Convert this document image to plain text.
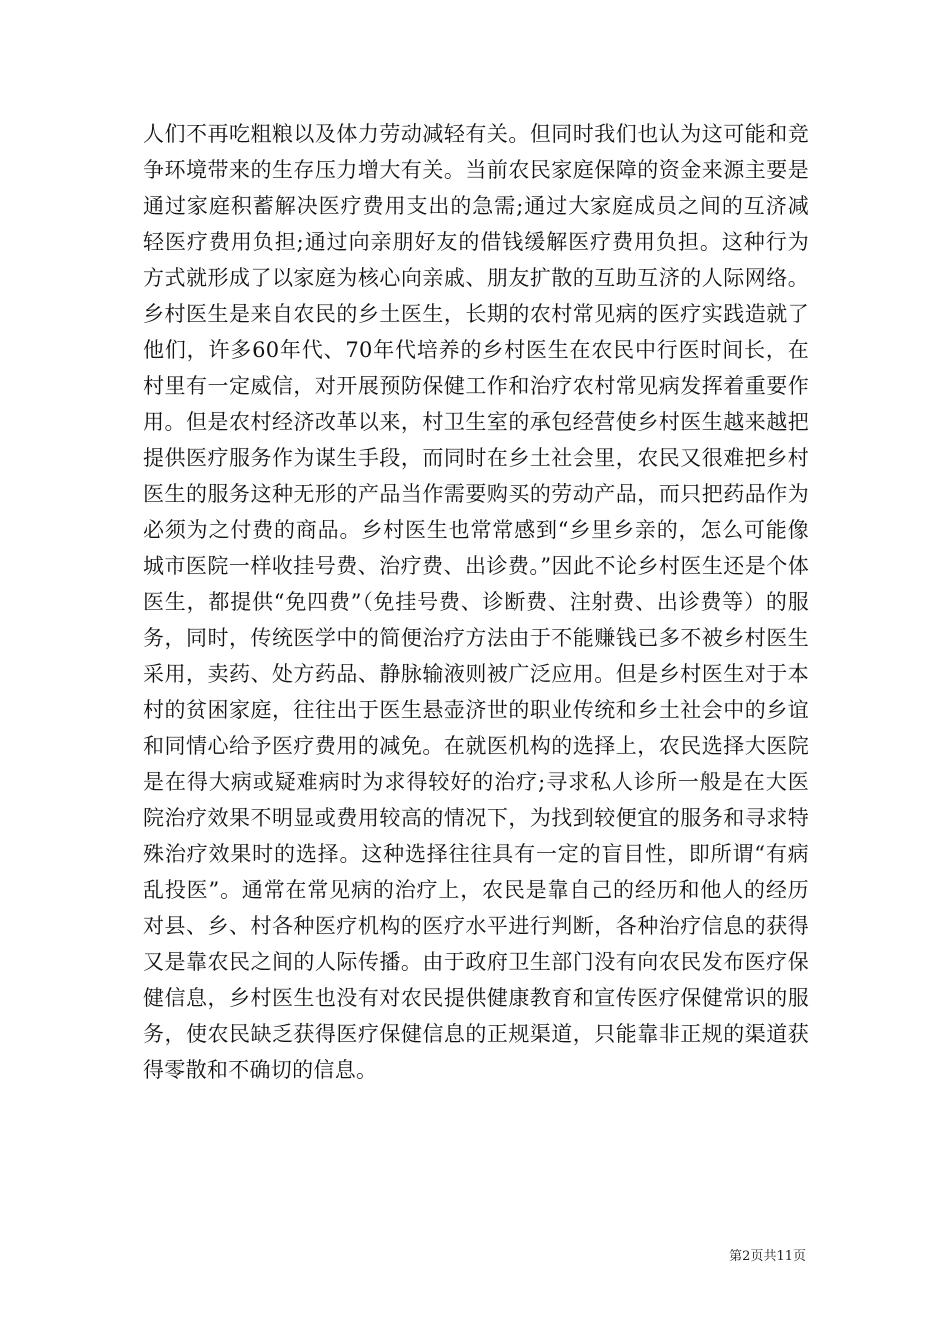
人们不再吃粗粮以及体力劳动减轻有关。但同时我们也认为这可能和竞争环境带来的生存压力增大有关。当前农民家庭保障的资金来源主要是通过家庭积蓄解决医疗费用支出的急需;通过大家庭成员之间的互济减轻医疗费用负担;通过向亲朋好友的借钱缓解医疗费用负担。这种行为方式就形成了以家庭为核心向亲戚、朋友扩散的互助互济的人际网络。乡村医生是来自农民的乡土医生，长期的农村常见病的医疗实践造就了他们，许多60年代、70年代培养的乡村医生在农民中行医时间长，在村里有一定威信，对开展预防保健工作和治疗农村常见病发挥着重要作用。但是农村经济改革以来，村卫生室的承包经营使乡村医生越来越把提供医疗服务作为谋生手段，而同时在乡土社会里，农民又很难把乡村医生的服务这种无形的产品当作需要购买的劳动产品，而只把药品作为必须为之付费的商品。乡村医生也常常感到“乡里乡亲的，怎么可能像城市医院一样收挂号费、治疗费、出诊费。”因此不论乡村医生还是个体医生，都提供“免四费”（免挂号费、诊断费、注射费、出诊费等）的服务，同时，传统医学中的简便治疗方法由于不能赚钱已多不被乡村医生采用，卖药、处方药品、静脉输液则被广泛应用。但是乡村医生对于本村的贫困家庭，往往出于医生悬壶济世的职业传统和乡土社会中的乡谊和同情心给予医疗费用的减免。在就医机构的选择上，农民选择大医院是在得大病或疑难病时为求得较好的治疗;寻求私人诊所一般是在大医院治疗效果不明显或费用较高的情况下，为找到较便宜的服务和寻求特殊治疗效果时的选择。这种选择往往具有一定的盲目性，即所谓“有病乱投医”。通常在常见病的治疗上，农民是靠自己的经历和他人的经历对县、乡、村各种医疗机构的医疗水平进行判断，各种治疗信息的获得又是靠农民之间的人际传播。由于政府卫生部门没有向农民发布医疗保健信息，乡村医生也没有对农民提供健康教育和宣传医疗保健常识的服务，使农民缺乏获得医疗保健信息的正规渠道，只能靠非正规的渠道获得零散和不确切的信息。

第2页共11页
